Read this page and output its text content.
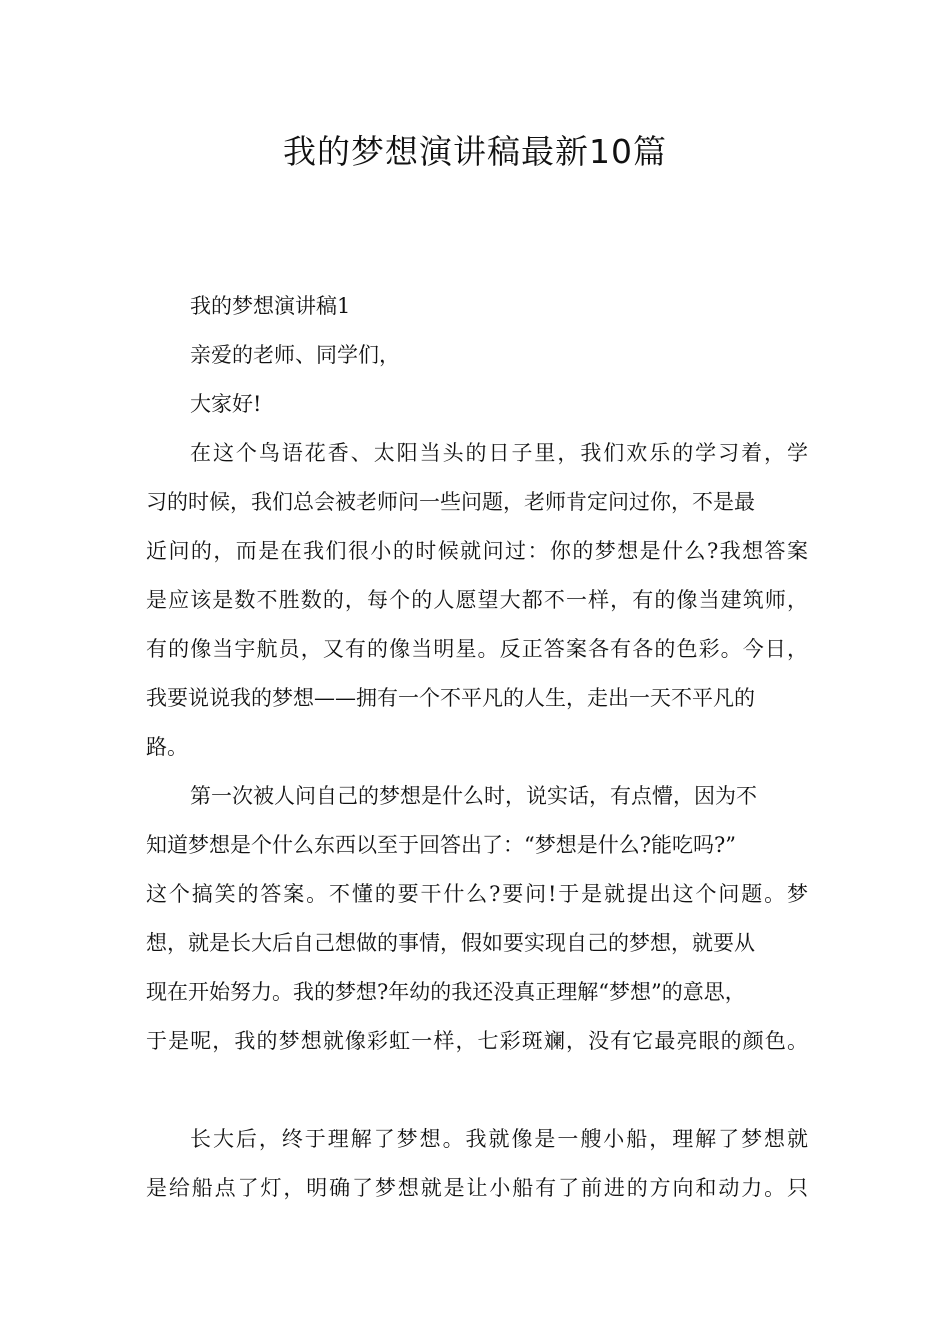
我的梦想演讲稿最新10篇

我的梦想演讲稿1

亲爱的老师、同学们，

大家好!

在这个鸟语花香、太阳当头的日子里，我们欢乐的学习着，学

习的时候，我们总会被老师问一些问题，老师肯定问过你，不是最

近问的，而是在我们很小的时候就问过：你的梦想是什么?我想答案

是应该是数不胜数的，每个的人愿望大都不一样，有的像当建筑师，

有的像当宇航员，又有的像当明星。反正答案各有各的色彩。今日，

我要说说我的梦想——拥有一个不平凡的人生，走出一天不平凡的

路。

第一次被人问自己的梦想是什么时，说实话，有点懵，因为不

知道梦想是个什么东西以至于回答出了：“梦想是什么?能吃吗?”

这个搞笑的答案。不懂的要干什么?要问!于是就提出这个问题。梦

想，就是长大后自己想做的事情，假如要实现自己的梦想，就要从

现在开始努力。我的梦想?年幼的我还没真正理解“梦想”的意思，

于是呢，我的梦想就像彩虹一样，七彩斑斓，没有它最亮眼的颜色。

长大后，终于理解了梦想。我就像是一艘小船，理解了梦想就

是给船点了灯，明确了梦想就是让小船有了前进的方向和动力。只
